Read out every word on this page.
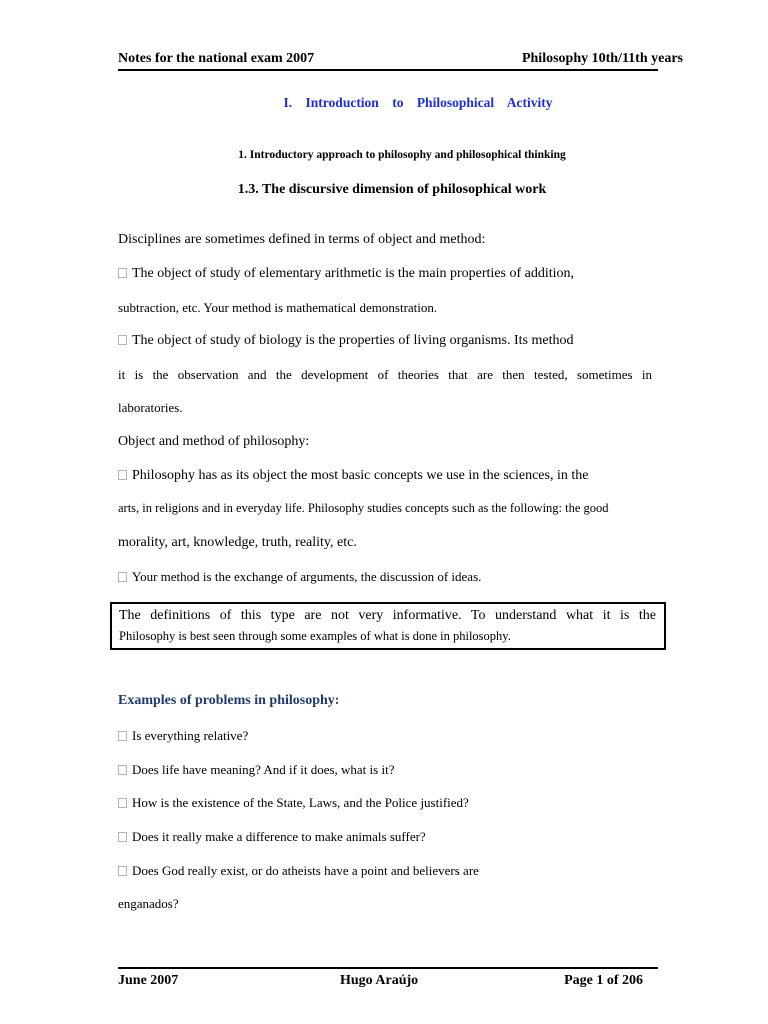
Notes for the national exam 2007	Philosophy 10th/11th years
I. Introduction to Philosophical Activity
1. Introductory approach to philosophy and philosophical thinking
1.3. The discursive dimension of philosophical work
Disciplines are sometimes defined in terms of object and method:
The object of study of elementary arithmetic is the main properties of addition,
subtraction, etc. Your method is mathematical demonstration.
The object of study of biology is the properties of living organisms. Its method
it is the observation and the development of theories that are then tested, sometimes in
laboratories.
Object and method of philosophy:
Philosophy has as its object the most basic concepts we use in the sciences, in the
arts, in religions and in everyday life. Philosophy studies concepts such as the following: the good
morality, art, knowledge, truth, reality, etc.
Your method is the exchange of arguments, the discussion of ideas.
The definitions of this type are not very informative. To understand what it is the
Philosophy is best seen through some examples of what is done in philosophy.
Examples of problems in philosophy:
Is everything relative?
Does life have meaning? And if it does, what is it?
How is the existence of the State, Laws, and the Police justified?
Does it really make a difference to make animals suffer?
Does God really exist, or do atheists have a point and believers are
enganados?
June 2007	Hugo Araújo	Page 1 of 206
